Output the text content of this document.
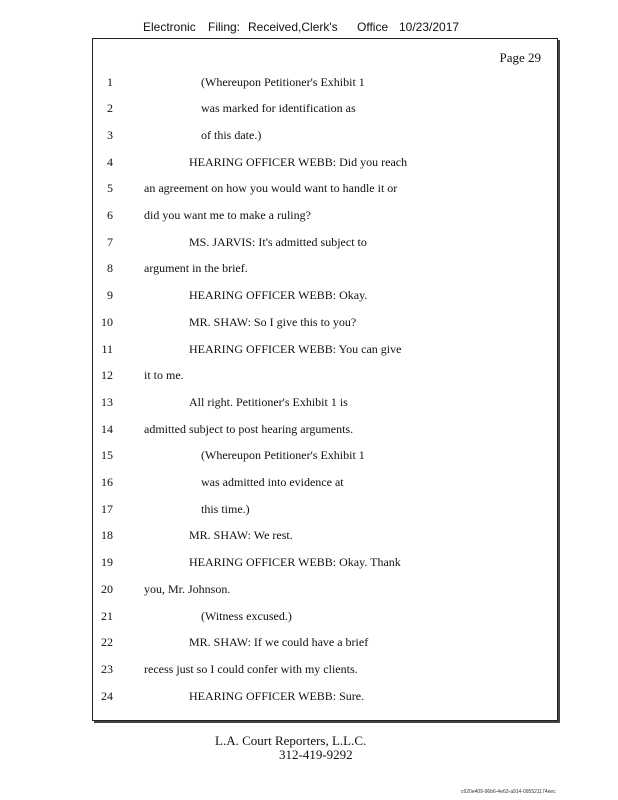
Electronic Filing: Received,Clerk's Office 10/23/2017
Page 29
1	(Whereupon Petitioner's Exhibit 1
2	was marked for identification as
3	of this date.)
4	HEARING OFFICER WEBB: Did you reach
5	an agreement on how you would want to handle it or
6	did you want me to make a ruling?
7	MS. JARVIS: It's admitted subject to
8	argument in the brief.
9	HEARING OFFICER WEBB: Okay.
10	MR. SHAW: So I give this to you?
11	HEARING OFFICER WEBB: You can give
12	it to me.
13	All right. Petitioner's Exhibit 1 is
14	admitted subject to post hearing arguments.
15	(Whereupon Petitioner's Exhibit 1
16	was admitted into evidence at
17	this time.)
18	MR. SHAW: We rest.
19	HEARING OFFICER WEBB: Okay. Thank
20	you, Mr. Johnson.
21	(Witness excused.)
22	MR. SHAW: If we could have a brief
23	recess just so I could confer with my clients.
24	HEARING OFFICER WEBB: Sure.
L.A. Court Reporters, L.L.C.
312-419-9292
c620e409-96b6-4e63-a914-095521174eec
